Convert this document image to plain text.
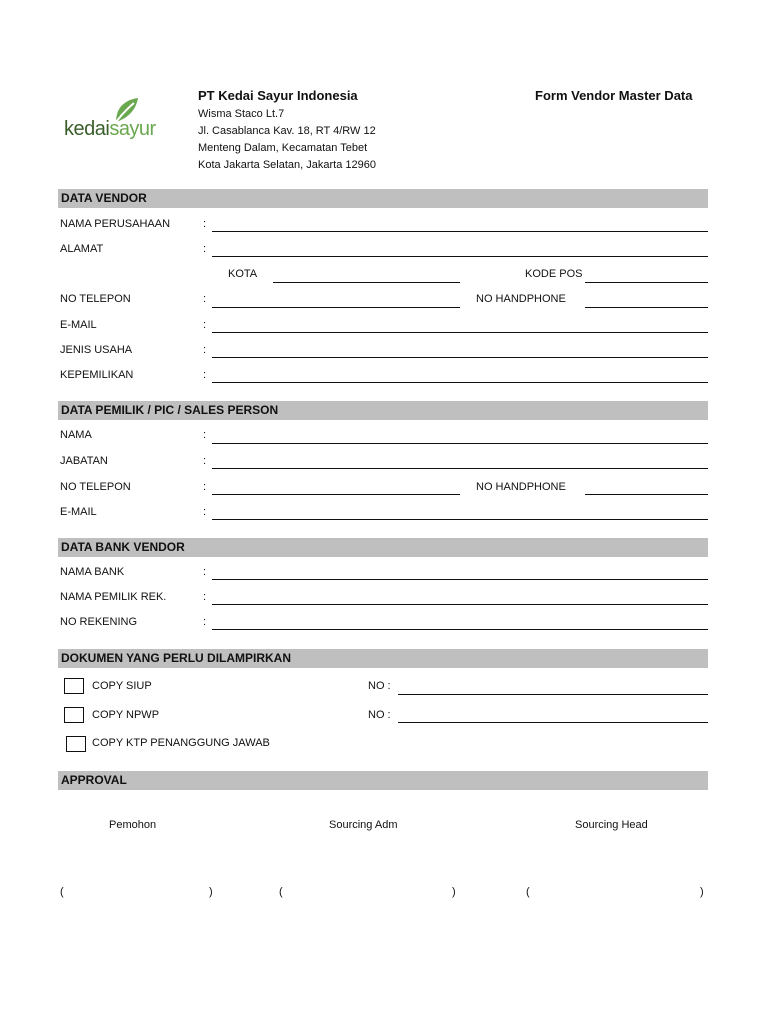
kedaisayur
PT Kedai Sayur Indonesia
Wisma Staco Lt.7
Jl. Casablanca Kav. 18, RT 4/RW 12
Menteng Dalam, Kecamatan Tebet
Kota Jakarta Selatan, Jakarta 12960
Form Vendor Master Data
DATA VENDOR
NAMA PERUSAHAAN	:
ALAMAT	:
KOTA	KODE POS
NO TELEPON	:	NO HANDPHONE
E-MAIL	:
JENIS USAHA	:
KEPEMILIKAN	:
DATA PEMILIK / PIC / SALES PERSON
NAMA	:
JABATAN	:
NO TELEPON	:	NO HANDPHONE
E-MAIL	:
DATA BANK VENDOR
NAMA BANK	:
NAMA PEMILIK REK.	:
NO REKENING	:
DOKUMEN YANG PERLU DILAMPIRKAN
COPY SIUP	NO :
COPY NPWP	NO :
COPY KTP PENANGGUNG JAWAB
APPROVAL
Pemohon	Sourcing Adm	Sourcing Head
(	)	(	)	(	)
